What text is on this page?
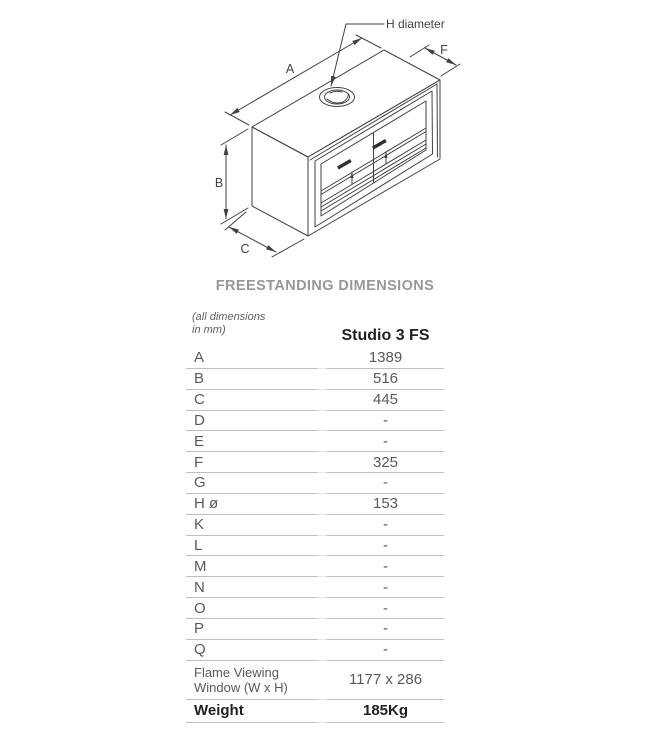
A
B
C
F
H diameter
FREESTANDING DIMENSIONS
(all dimensions
in mm)	Studio 3 FS
A	1389
B	516
C	445
D	-
E	-
F	325
G	-
H ø	153
K	-
L	-
M	-
N	-
O	-
P	-
Q	-
Flame Viewing
Window (W x H)	1177 x 286
Weight	185Kg
